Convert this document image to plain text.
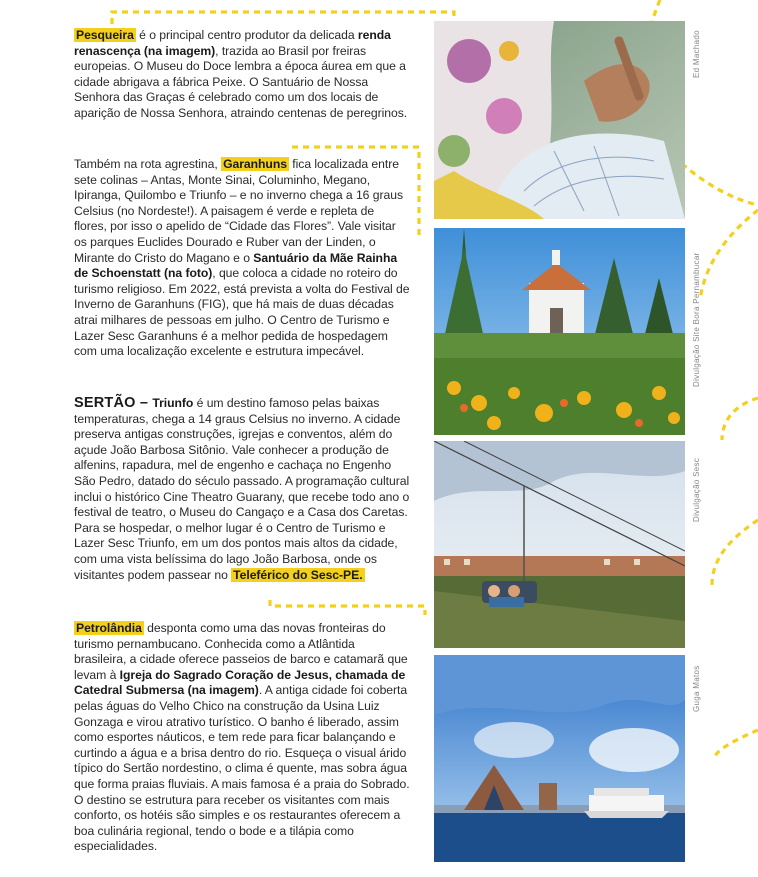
Pesqueira é o principal centro produtor da delicada renda renascença (na imagem), trazida ao Brasil por freiras europeias. O Museu do Doce lembra a época áurea em que a cidade abrigava a fábrica Peixe. O Santuário de Nossa Senhora das Graças é celebrado como um dos locais de aparição de Nossa Senhora, atraindo centenas de peregrinos.

Também na rota agrestina, Garanhuns fica localizada entre sete colinas – Antas, Monte Sinai, Columinho, Megano, Ipiranga, Quilombo e Triunfo – e no inverno chega a 16 graus Celsius (no Nordeste!). A paisagem é verde e repleta de flores, por isso o apelido de “Cidade das Flores”. Vale visitar os parques Euclides Dourado e Ruber van der Linden, o Mirante do Cristo do Magano e o Santuário da Mãe Rainha de Schoenstatt (na foto), que coloca a cidade no roteiro do turismo religioso. Em 2022, está prevista a volta do Festival de Inverno de Garanhuns (FIG), que há mais de duas décadas atrai milhares de pessoas em julho. O Centro de Turismo e Lazer Sesc Garanhuns é a melhor pedida de hospedagem com uma localização excelente e estrutura impecável.

SERTÃO – Triunfo é um destino famoso pelas baixas temperaturas, chega a 14 graus Celsius no inverno. A cidade preserva antigas construções, igrejas e conventos, além do açude João Barbosa Sitônio. Vale conhecer a produção de alfenins, rapadura, mel de engenho e cachaça no Engenho São Pedro, datado do século passado. A programação cultural inclui o histórico Cine Theatro Guarany, que recebe todo ano o festival de teatro, o Museu do Cangaço e a Casa dos Caretas. Para se hospedar, o melhor lugar é o Centro de Turismo e Lazer Sesc Triunfo, em um dos pontos mais altos da cidade, com uma vista belíssima do lago João Barbosa, onde os visitantes podem passear no Teleférico do Sesc-PE.

Petrolândia desponta como uma das novas fronteiras do turismo pernambucano. Conhecida como a Atlântida brasileira, a cidade oferece passeios de barco e catamarã que levam à Igreja do Sagrado Coração de Jesus, chamada de Catedral Submersa (na imagem). A antiga cidade foi coberta pelas águas do Velho Chico na construção da Usina Luiz Gonzaga e virou atrativo turístico. O banho é liberado, assim como esportes náuticos, e tem rede para ficar balançando e curtindo a água e a brisa dentro do rio. Esqueça o visual árido típico do Sertão nordestino, o clima é quente, mas sobra água que forma praias fluviais. A mais famosa é a praia do Sobrado. O destino se estrutura para receber os visitantes com mais conforto, os hotéis são simples e os restaurantes oferecem a boa culinária regional, tendo o bode e a tilápia como especialidades.

Ed Machado
Divulgação Site Bora Pernambucar
Divulgação Sesc
Guga Matos
